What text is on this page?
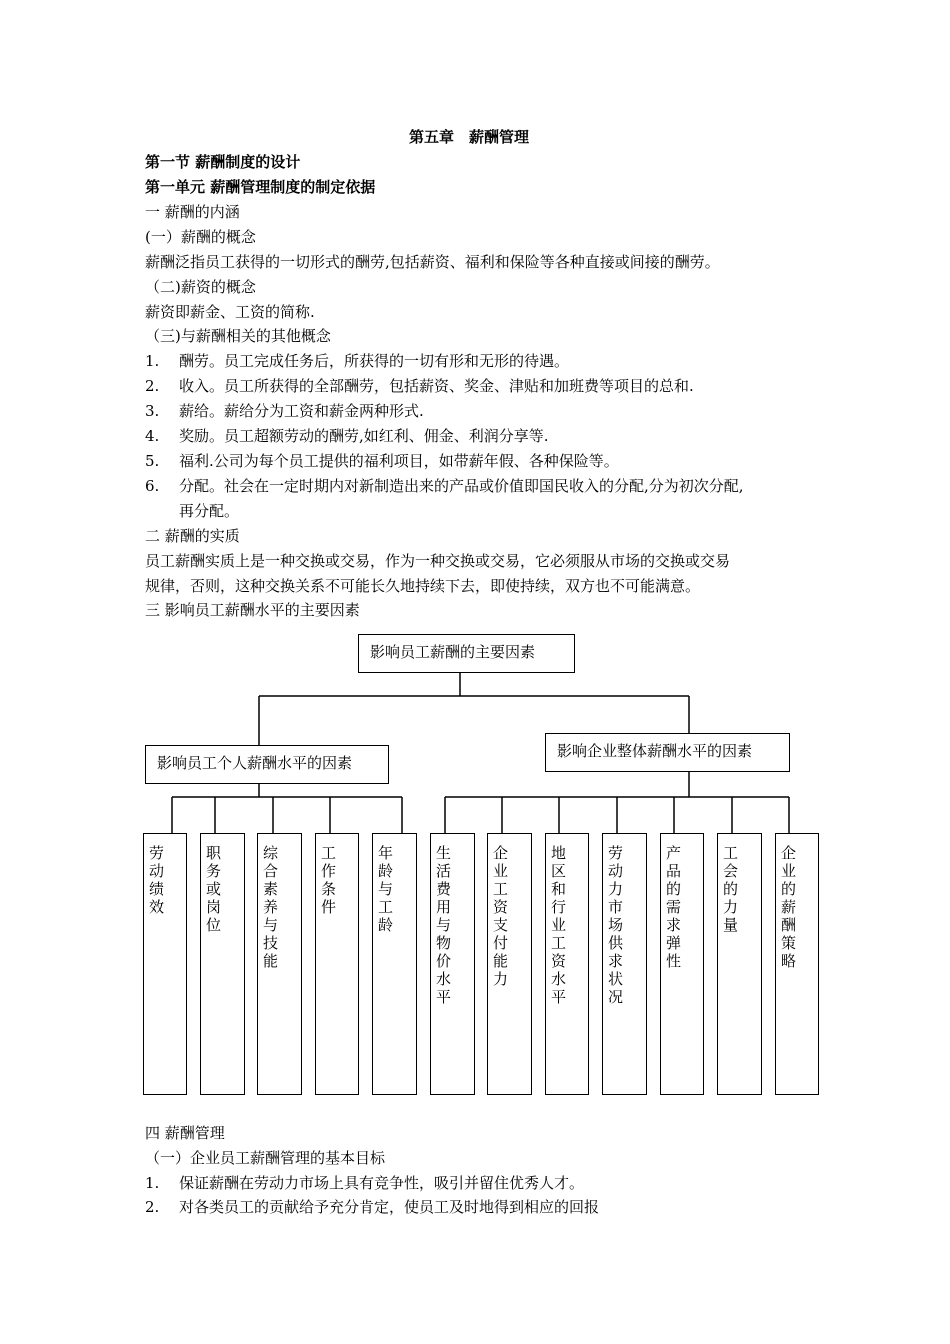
第五章　薪酬管理
第一节 薪酬制度的设计
第一单元 薪酬管理制度的制定依据
一 薪酬的内涵
(一）薪酬的概念
薪酬泛指员工获得的一切形式的酬劳,包括薪资、福利和保险等各种直接或间接的酬劳。
（二)薪资的概念
薪资即薪金、工资的简称.
（三)与薪酬相关的其他概念
1. 酬劳。员工完成任务后，所获得的一切有形和无形的待遇。
2. 收入。员工所获得的全部酬劳，包括薪资、奖金、津贴和加班费等项目的总和.
3. 薪给。薪给分为工资和薪金两种形式.
4. 奖励。员工超额劳动的酬劳,如红利、佣金、利润分享等.
5. 福利.公司为每个员工提供的福利项目，如带薪年假、各种保险等。
6. 分配。社会在一定时期内对新制造出来的产品或价值即国民收入的分配,分为初次分配,
再分配。
二 薪酬的实质
员工薪酬实质上是一种交换或交易，作为一种交换或交易，它必须服从市场的交换或交易
规律，否则，这种交换关系不可能长久地持续下去，即使持续，双方也不可能满意。
三 影响员工薪酬水平的主要因素
影响员工薪酬的主要因素
影响员工个人薪酬水平的因素
影响企业整体薪酬水平的因素
劳动绩效
职务或岗位
综合素养与技能
工作条件
年龄与工龄
生活费用与物价水平
企业工资支付能力
地区和行业工资水平
劳动力市场供求状况
产品的需求弹性
工会的力量
企业的薪酬策略
四 薪酬管理
（一）企业员工薪酬管理的基本目标
1. 保证薪酬在劳动力市场上具有竞争性，吸引并留住优秀人才。
2. 对各类员工的贡献给予充分肯定，使员工及时地得到相应的回报
